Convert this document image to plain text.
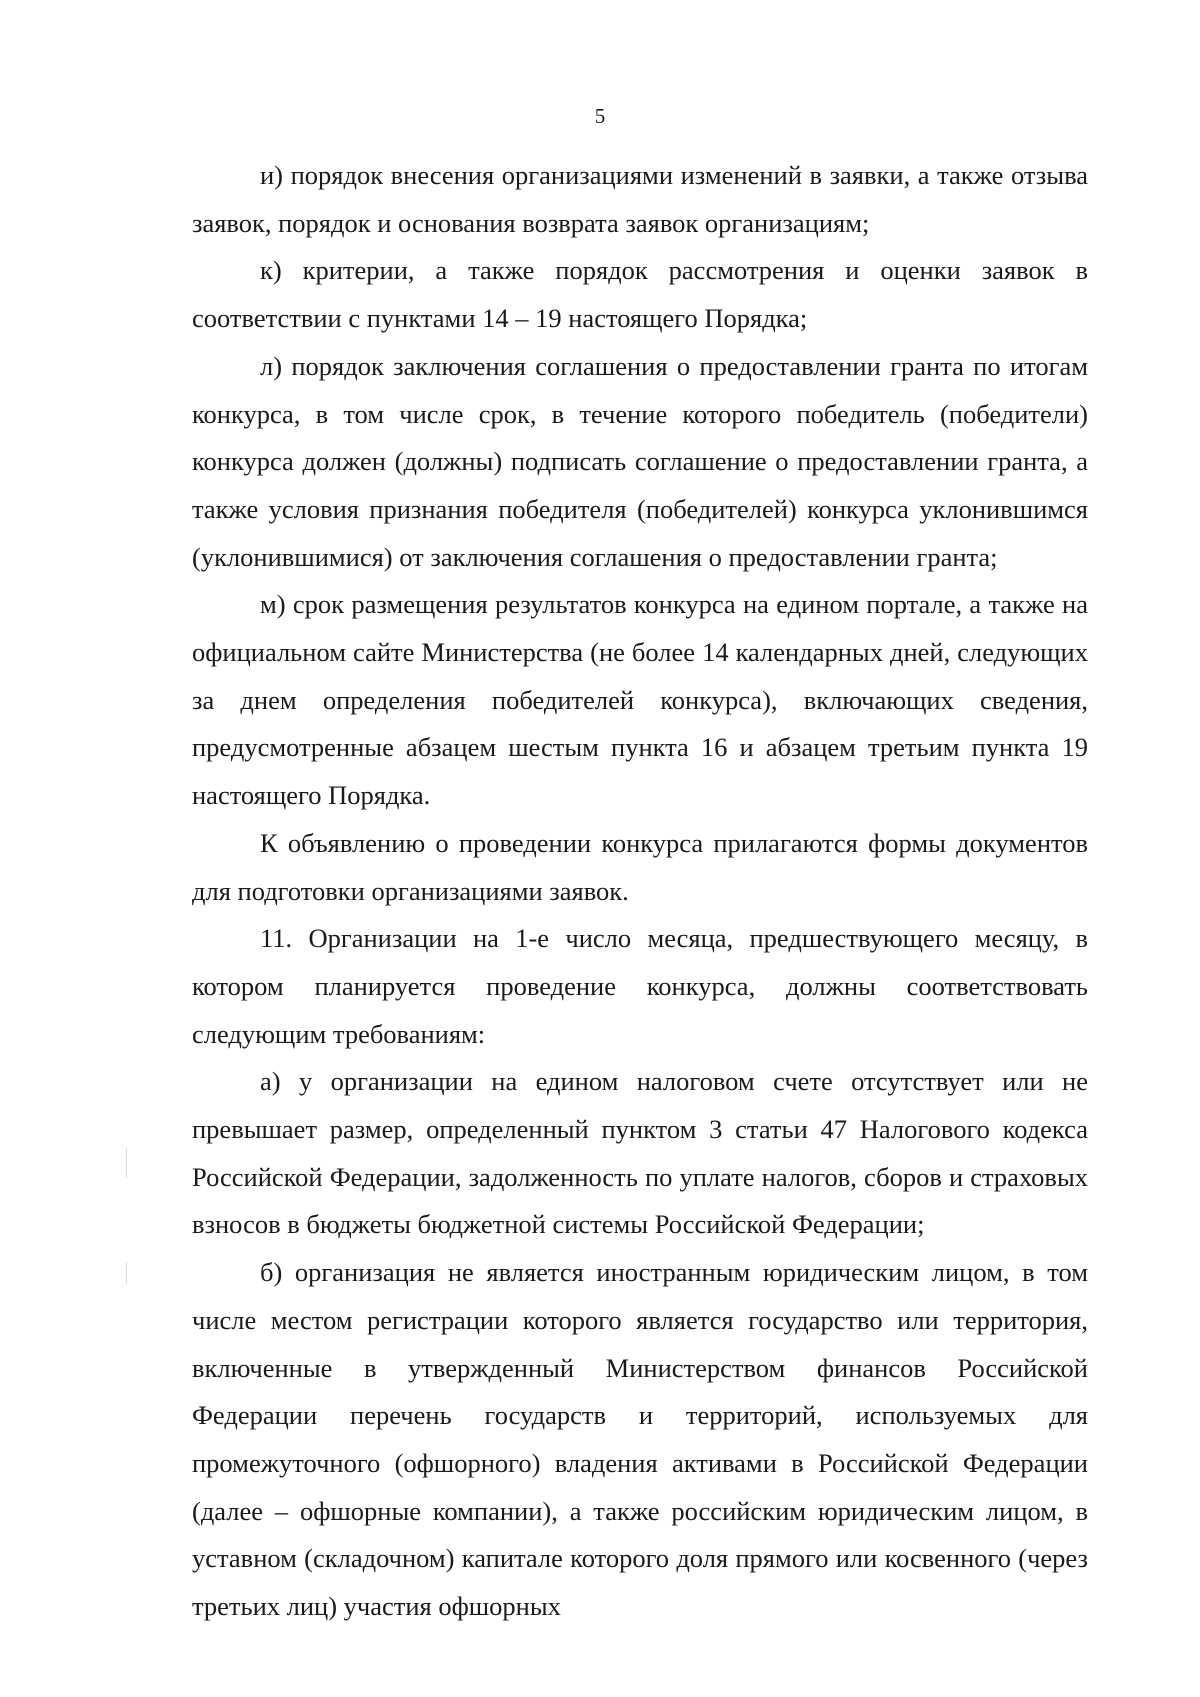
5

и) порядок внесения организациями изменений в заявки, а также отзыва заявок, порядок и основания возврата заявок организациям;

к) критерии, а также порядок рассмотрения и оценки заявок в соответствии с пунктами 14 – 19 настоящего Порядка;

л) порядок заключения соглашения о предоставлении гранта по итогам конкурса, в том числе срок, в течение которого победитель (победители) конкурса должен (должны) подписать соглашение о предоставлении гранта, а также условия признания победителя (победителей) конкурса уклонившимся (уклонившимися) от заключения соглашения о предоставлении гранта;

м) срок размещения результатов конкурса на едином портале, а также на официальном сайте Министерства (не более 14 календарных дней, следующих за днем определения победителей конкурса), включающих сведения, предусмотренные абзацем шестым пункта 16 и абзацем третьим пункта 19 настоящего Порядка.

К объявлению о проведении конкурса прилагаются формы документов для подготовки организациями заявок.

11. Организации на 1-е число месяца, предшествующего месяцу, в котором планируется проведение конкурса, должны соответствовать следующим требованиям:

а) у организации на едином налоговом счете отсутствует или не превышает размер, определенный пунктом 3 статьи 47 Налогового кодекса Российской Федерации, задолженность по уплате налогов, сборов и страховых взносов в бюджеты бюджетной системы Российской Федерации;

б) организация не является иностранным юридическим лицом, в том числе местом регистрации которого является государство или территория, включенные в утвержденный Министерством финансов Российской Федерации перечень государств и территорий, используемых для промежуточного (офшорного) владения активами в Российской Федерации (далее – офшорные компании), а также российским юридическим лицом, в уставном (складочном) капитале которого доля прямого или косвенного (через третьих лиц) участия офшорных
